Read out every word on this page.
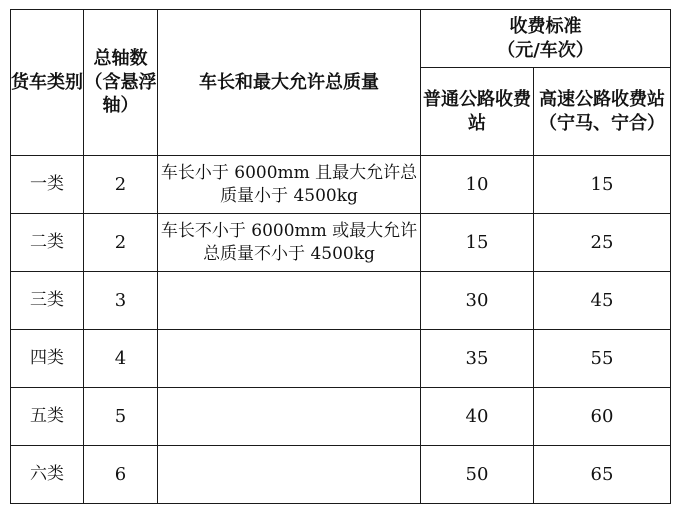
货车类别	总轴数（含悬浮轴）	车长和最大允许总质量	收费标准
（元/车次）	

			普通公路收费站	高速公路收费站
（宁马、宁合）

一类	2	车长小于 6000mm 且最大允许总质量小于 4500kg	10	15
二类	2	车长不小于 6000mm 或最大允许总质量不小于 4500kg	15	25
三类	3		30	45
四类	4		35	55
五类	5		40	60
六类	6		50	65
